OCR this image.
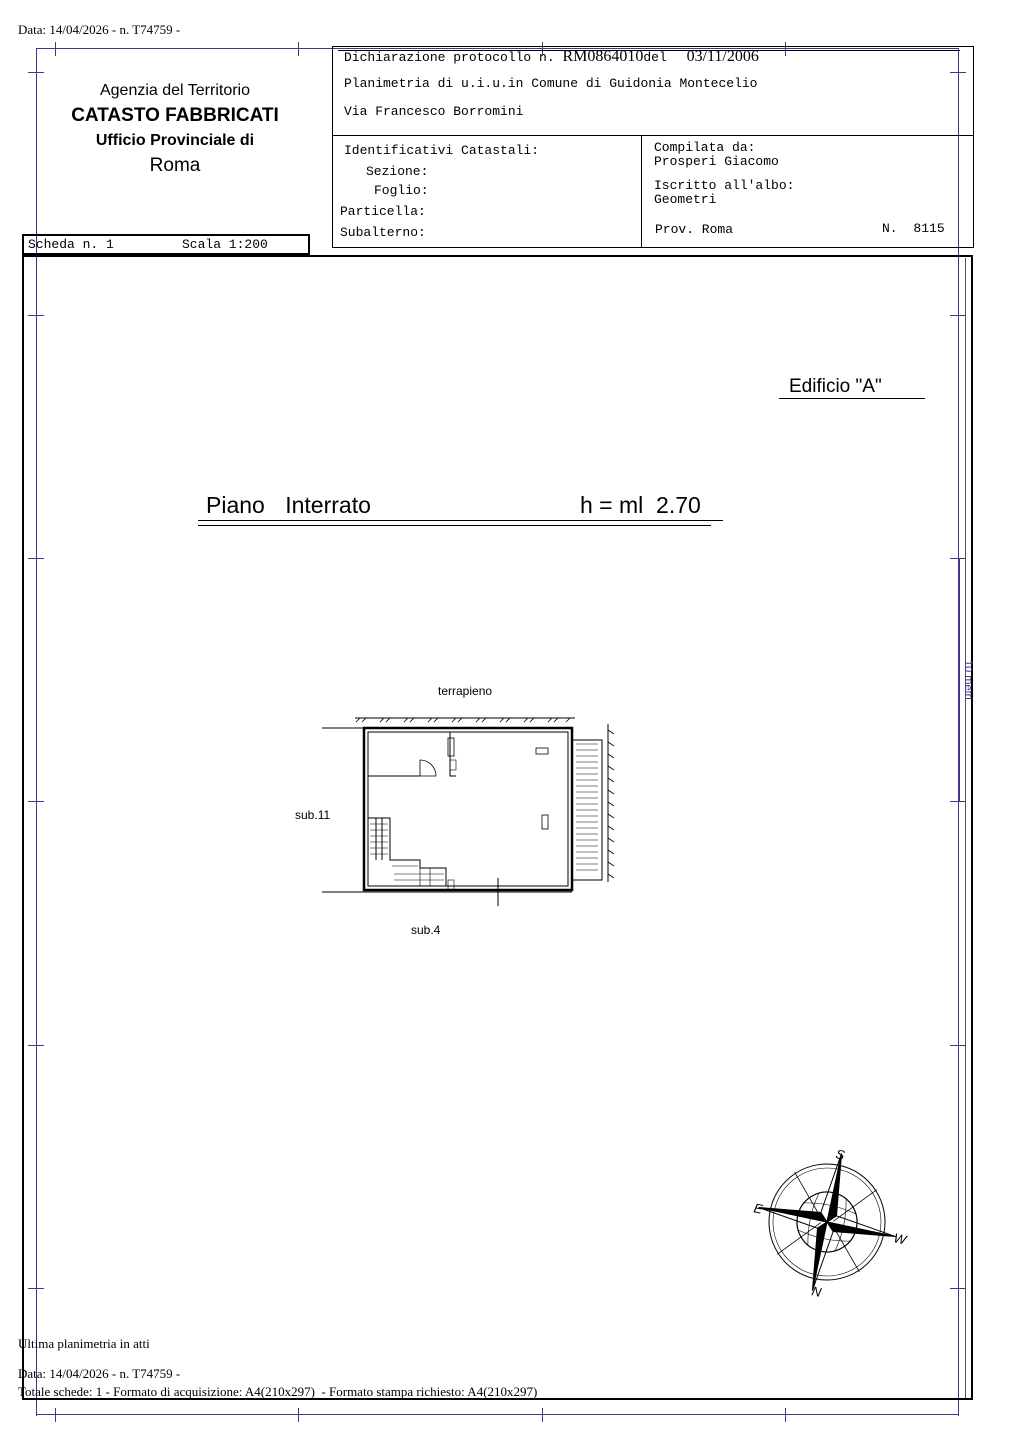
Data: 14/04/2026 - n. T74759 -
Agenzia del Territorio
CATASTO FABBRICATI
Ufficio Provinciale di
Roma
Dichiarazione protocollo n. RM0864010del 03/11/2006
Planimetria di u.i.u.in Comune di Guidonia Montecelio
Via Francesco Borromini
Identificativi Catastali:
Sezione:
Foglio:
Particella:
Subalterno:
Compilata da:
Prosperi Giacomo
Iscritto all'albo:
Geometri
Prov. Roma	N. 8115
Scheda n. 1	Scala 1:200
Edificio "A"
Piano Interrato	h = ml  2.70
10 metri
terrapieno
sub.11
sub.4
S
N
E
W
Ultima planimetria in atti
Data: 14/04/2026 - n. T74759 -
Totale schede: 1 - Formato di acquisizione: A4(210x297)  - Formato stampa richiesto: A4(210x297)
